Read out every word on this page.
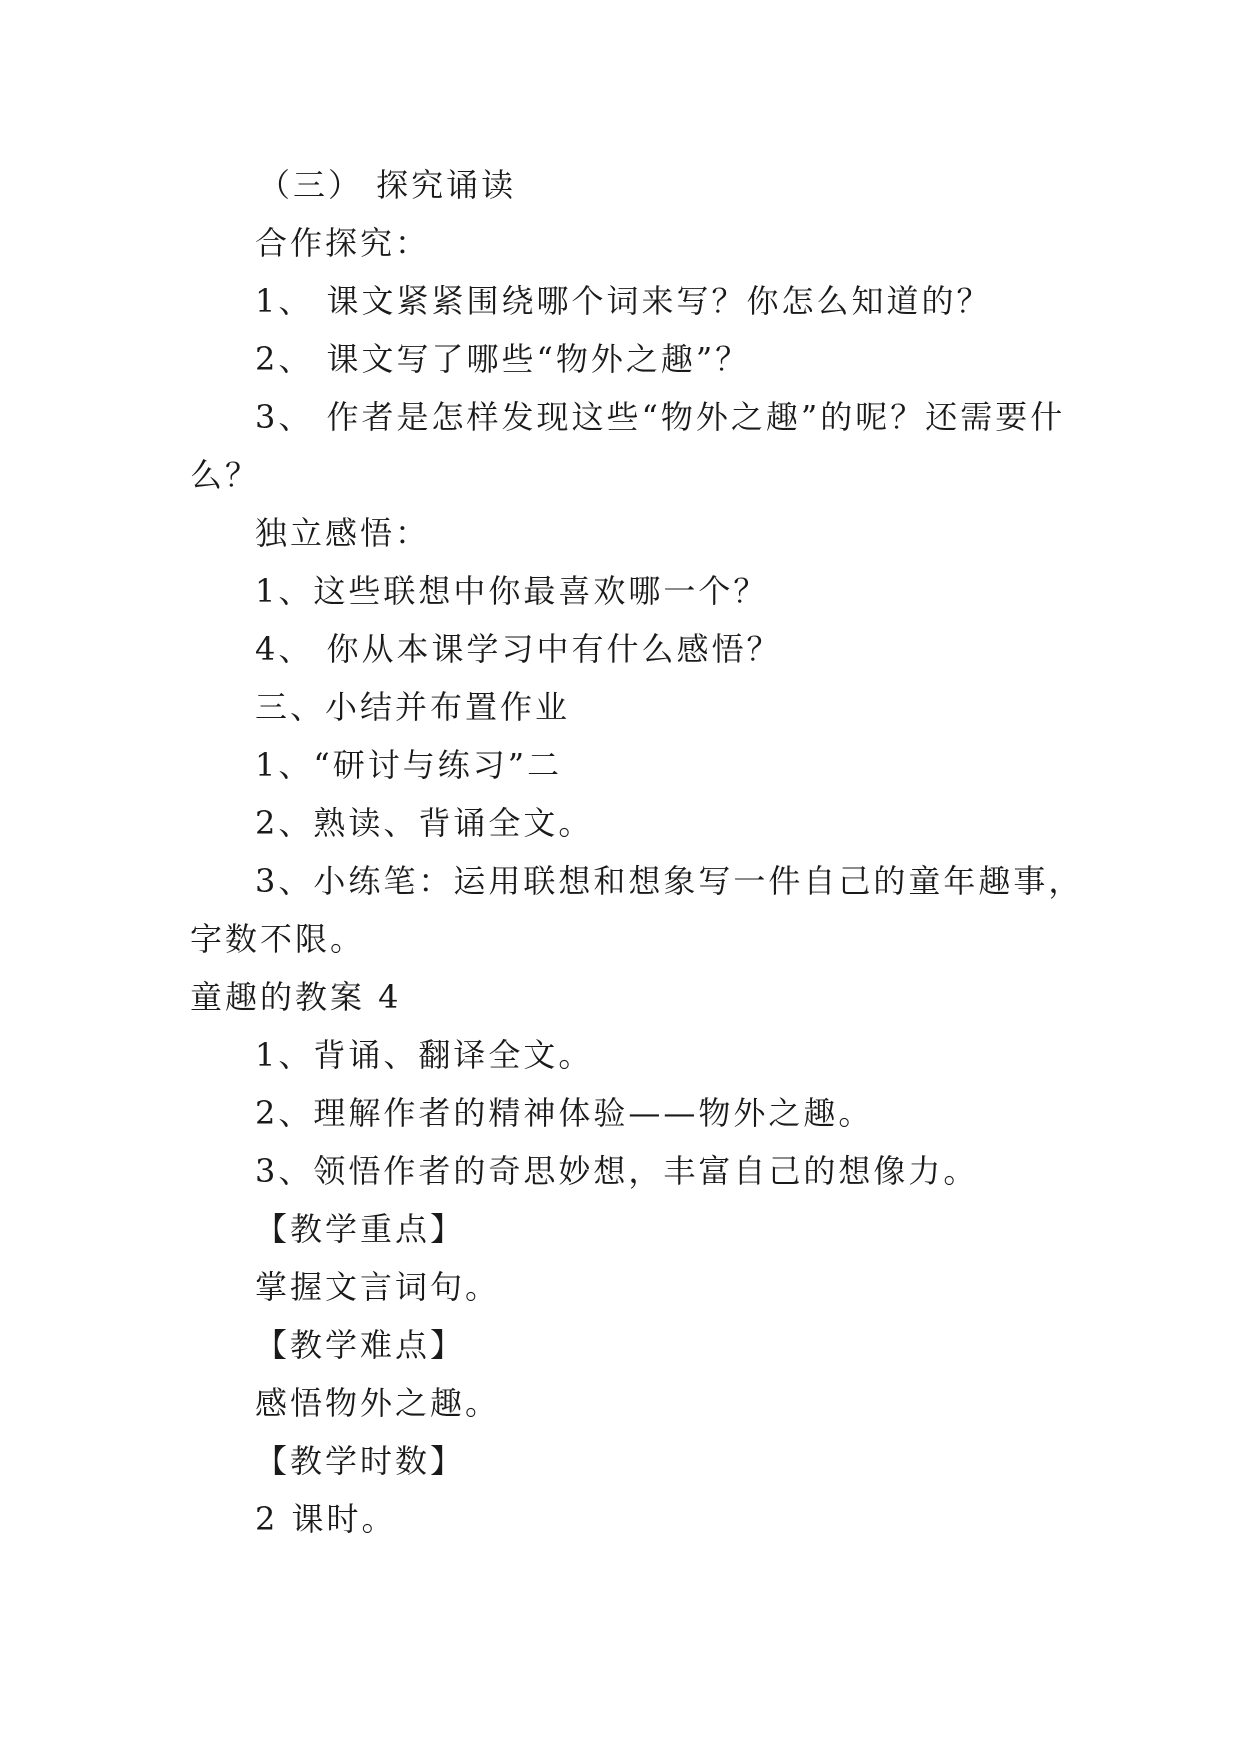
（三） 探究诵读
合作探究：
1、 课文紧紧围绕哪个词来写？你怎么知道的？
2、 课文写了哪些“物外之趣”？
3、 作者是怎样发现这些“物外之趣”的呢？还需要什
么？
独立感悟：
1、这些联想中你最喜欢哪一个？
4、 你从本课学习中有什么感悟？
三、小结并布置作业
1、“研讨与练习”二
2、熟读、背诵全文。
3、小练笔：运用联想和想象写一件自己的童年趣事，
字数不限。
童趣的教案 4
1、背诵、翻译全文。
2、理解作者的精神体验——物外之趣。
3、领悟作者的奇思妙想，丰富自己的想像力。
【教学重点】
掌握文言词句。
【教学难点】
感悟物外之趣。
【教学时数】
2 课时。
